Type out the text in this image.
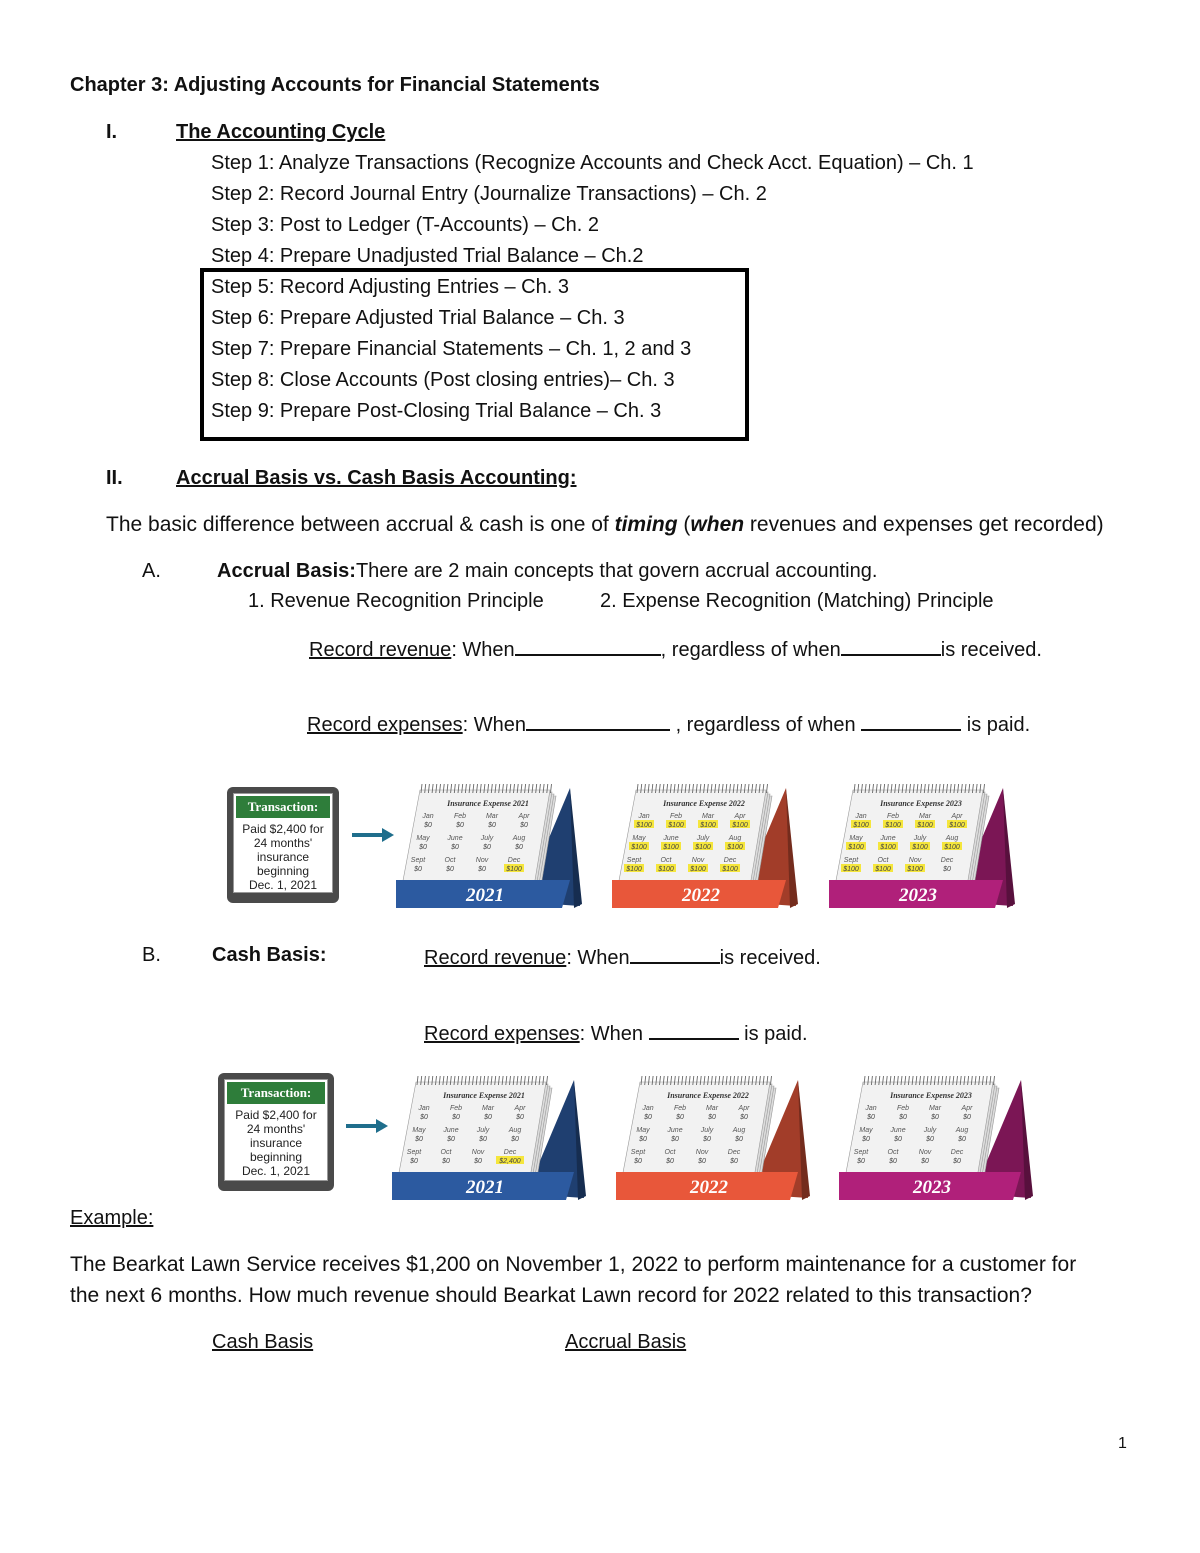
Chapter 3: Adjusting Accounts for Financial Statements
I.	The Accounting Cycle
Step 1: Analyze Transactions (Recognize Accounts and Check Acct. Equation) – Ch. 1
Step 2: Record Journal Entry (Journalize Transactions) – Ch. 2
Step 3: Post to Ledger (T-Accounts) – Ch. 2
Step 4: Prepare Unadjusted Trial Balance – Ch.2
Step 5: Record Adjusting Entries – Ch. 3
Step 6: Prepare Adjusted Trial Balance – Ch. 3
Step 7: Prepare Financial Statements – Ch. 1, 2 and 3
Step 8: Close Accounts (Post closing entries)– Ch. 3
Step 9: Prepare Post-Closing Trial Balance – Ch. 3
II.	Accrual Basis vs. Cash Basis Accounting:
The basic difference between accrual & cash is one of timing (when revenues and expenses get recorded)
A.	Accrual Basis:There are 2 main concepts that govern accrual accounting.
1. Revenue Recognition Principle	2. Expense Recognition (Matching) Principle
Record revenue: When	, regardless of when	is received.
Record expenses: When	, regardless of when	is paid.
Transaction:
Paid $2,400 for
24 months'
insurance
beginning
Dec. 1, 2021
Insurance Expense 2021
Jan
$0
Feb
$0
Mar
$0
Apr
$0
May
$0
June
$0
July
$0
Aug
$0
Sept
$0
Oct
$0
Nov
$0
Dec
$100
2021
Insurance Expense 2022
Jan
$100
Feb
$100
Mar
$100
Apr
$100
May
$100
June
$100
July
$100
Aug
$100
Sept
$100
Oct
$100
Nov
$100
Dec
$100
2022
Insurance Expense 2023
Jan
$100
Feb
$100
Mar
$100
Apr
$100
May
$100
June
$100
July
$100
Aug
$100
Sept
$100
Oct
$100
Nov
$100
Dec
$0
2023
B.	Cash Basis:	Record revenue: When	is received.
Record expenses: When	is paid.
Transaction:
Paid $2,400 for
24 months'
insurance
beginning
Dec. 1, 2021
Insurance Expense 2021
Jan
$0
Feb
$0
Mar
$0
Apr
$0
May
$0
June
$0
July
$0
Aug
$0
Sept
$0
Oct
$0
Nov
$0
Dec
$2,400
2021
Insurance Expense 2022
Jan
$0
Feb
$0
Mar
$0
Apr
$0
May
$0
June
$0
July
$0
Aug
$0
Sept
$0
Oct
$0
Nov
$0
Dec
$0
2022
Insurance Expense 2023
Jan
$0
Feb
$0
Mar
$0
Apr
$0
May
$0
June
$0
July
$0
Aug
$0
Sept
$0
Oct
$0
Nov
$0
Dec
$0
2023
Example:
The Bearkat Lawn Service receives $1,200 on November 1, 2022 to perform maintenance for a customer for
the next 6 months. How much revenue should Bearkat Lawn record for 2022 related to this transaction?
Cash Basis	Accrual Basis
1
